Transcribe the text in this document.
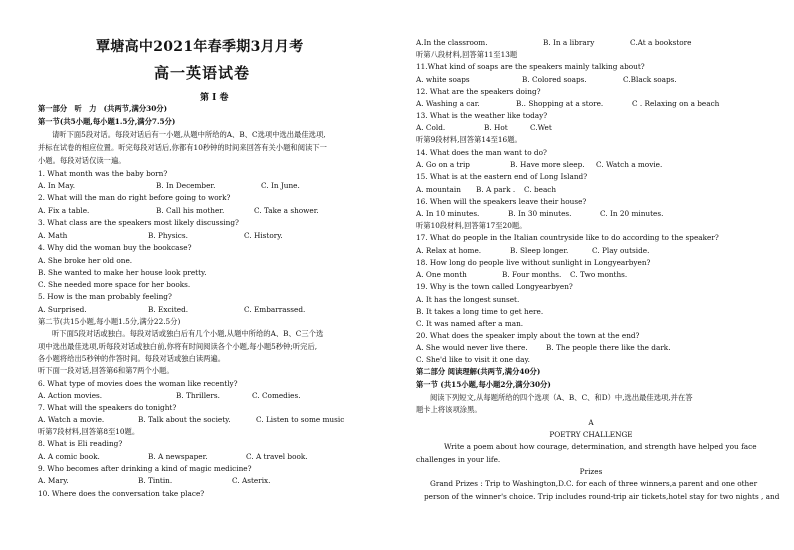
覃塘高中2021年春季期3月月考
高一英语试卷
第 I 卷
第一部分　听　力　(共两节,满分30分)
第一节(共5小题,每小题1.5分,满分7.5分)
请听下面5段对话。每段对话后有一小题,从题中所给的A、B、C选项中选出最佳选项,
并标在试卷的相应位置。听完每段对话后,你都有10秒钟的时间来回答有关小题和阅读下一
小题。每段对话仅读一遍。
1. What month was the baby born?
A. In May.	B. In December.	C. In June.
2. What will the man do right before going to work?
A. Fix a table.	B. Call his mother.	C. Take a shower.
3. What class are the speakers most likely discussing?
A. Math	B. Physics.	C. History.
4. Why did the woman buy the bookcase?
A. She broke her old one.
B. She wanted to make her house look pretty.
C. She needed more space for her books.
5. How is the man probably feeling?
A. Surprised.	B. Excited.	C. Embarrassed.
第二节(共15小题,每小题1.5分,满分22.5分)
听下面5段对话或独白。每段对话或独白后有几个小题,从题中所给的A、B、C三个选
项中选出最佳选项,听每段对话或独白前,你将有时间阅读各个小题,每小题5秒钟;听完后,
各小题将给出5秒钟的作答时间。每段对话或独白读两遍。
听下面一段对话,回答第6和第7两个小题。
6. What type of movies does the woman like recently?
A. Action movies.	B. Thrillers.	C. Comedies.
7. What will the speakers do tonight?
A. Watch a movie.	B. Talk about the society.	C. Listen to some music
听第7段材料,回答第8至10题。
8. What is Eli reading?
A. A comic book.	B. A newspaper.	C. A travel book.
9. Who becomes after drinking a kind of magic medicine?
A. Mary.	B. Tintin.	C. Asterix.
10. Where does the conversation take place?
A.In the classroom.	B. In a library	C.At a bookstore
听第八段材料,回答第11至13题
11.What kind of soaps are the speakers mainly talking about?
A. white soaps	B. Colored soaps.	C.Black soaps.
12. What are the speakers doing?
A. Washing a car.	B.. Shopping at a store.	C . Relaxing on a beach
13. What is the weather like today?
A. Cold.	B. Hot	C.Wet
听第9段材料,回答第14至16题。
14. What does the man want to do?
A. Go on a trip	B. Have more sleep. C. Watch a movie.
15. What is at the eastern end of Long Island?
A. mountain B. A park . C. beach
16. When will the speakers leave their house?
A. In 10 minutes.	B. In 30 minutes.	C. In 20 minutes.
听第10段材料,回答第17至20题。
17. What do people in the Italian countryside like to do according to the speaker?
A. Relax at home.	B. Sleep longer.	C. Play outside.
18. How long do people live without sunlight in Longyearbyen?
A. One month	B. Four months. C. Two months.
19. Why is the town called Longyearbyen?
A. It has the longest sunset.
B. It takes a long time to get here.
C. It was named after a man.
20. What does the speaker imply about the town at the end?
A. She would never live there.	B. The people there like the dark.
C. She'd like to visit it one day.
第二部分 阅读理解(共两节,满分40分)
第一节 (共15小题,每小题2分,满分30分)
阅读下列短文,从每题所给的四个选项（A、B、C、和D）中,选出最佳选项,并在答
题卡上将该项涂黑。
A
POETRY CHALLENGE
Write a poem about how courage, determination, and strength have helped you face
challenges in your life.
Prizes
Grand Prizes : Trip to Washington,D.C. for each of three winners,a parent and one other
person of the winner's choice. Trip includes round-trip air tickets,hotel stay for two nights , and
